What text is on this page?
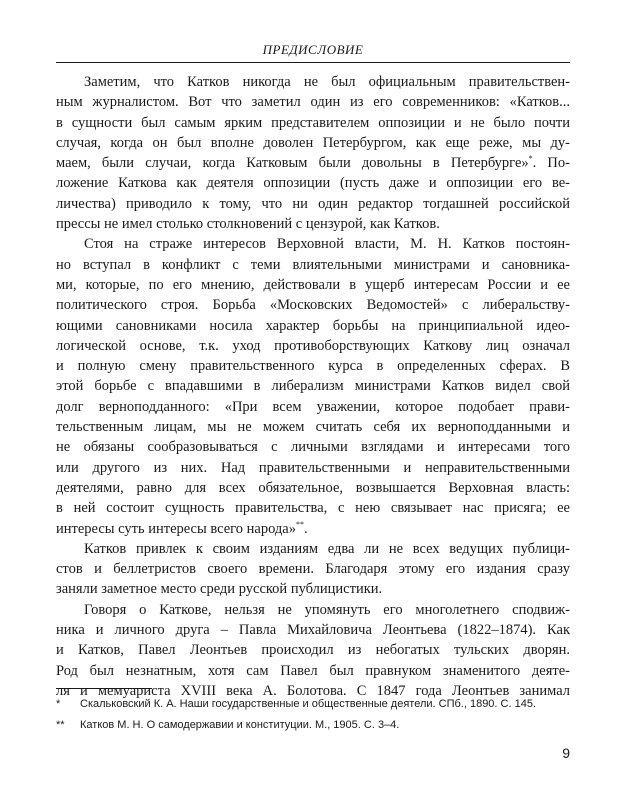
ПРЕДИСЛОВИЕ

Заметим, что Катков никогда не был официальным правительствен-
ным журналистом. Вот что заметил один из его современников: «Катков...
в сущности был самым ярким представителем оппозиции и не было почти
случая, когда он был вполне доволен Петербургом, как еще реже, мы ду-
маем, были случаи, когда Катковым были довольны в Петербурге»*. По-
ложение Каткова как деятеля оппозиции (пусть даже и оппозиции его ве-
личества) приводило к тому, что ни один редактор тогдашней российской
прессы не имел столько столкновений с цензурой, как Катков.

Стоя на страже интересов Верховной власти, М. Н. Катков постоян-
но вступал в конфликт с теми влиятельными министрами и сановника-
ми, которые, по его мнению, действовали в ущерб интересам России и ее
политического строя. Борьба «Московских Ведомостей» с либеральству-
ющими сановниками носила характер борьбы на принципиальной идео-
логической основе, т.к. уход противоборствующих Каткову лиц означал
и полную смену правительственного курса в определенных сферах. В
этой борьбе с впадавшими в либерализм министрами Катков видел свой
долг верноподданного: «При всем уважении, которое подобает прави-
тельственным лицам, мы не можем считать себя их верноподданными и
не обязаны сообразовываться с личными взглядами и интересами того
или другого из них. Над правительственными и неправительственными
деятелями, равно для всех обязательное, возвышается Верховная власть:
в ней состоит сущность правительства, с нею связывает нас присяга; ее
интересы суть интересы всего народа»**.

Катков привлек к своим изданиям едва ли не всех ведущих публици-
стов и беллетристов своего времени. Благодаря этому его издания сразу
заняли заметное место среди русской публицистики.

Говоря о Каткове, нельзя не упомянуть его многолетнего сподвиж-
ника и личного друга – Павла Михайловича Леонтьева (1822–1874). Как
и Катков, Павел Леонтьев происходил из небогатых тульских дворян.
Род был незнатным, хотя сам Павел был правнуком знаменитого деяте-
ля и мемуариста XVIII века А. Болотова. С 1847 года Леонтьев занимал

* Скальковский К. А. Наши государственные и общественные деятели. СПб., 1890. С. 145.
** Катков М. Н. О самодержавии и конституции. М., 1905. С. 3–4.
9
